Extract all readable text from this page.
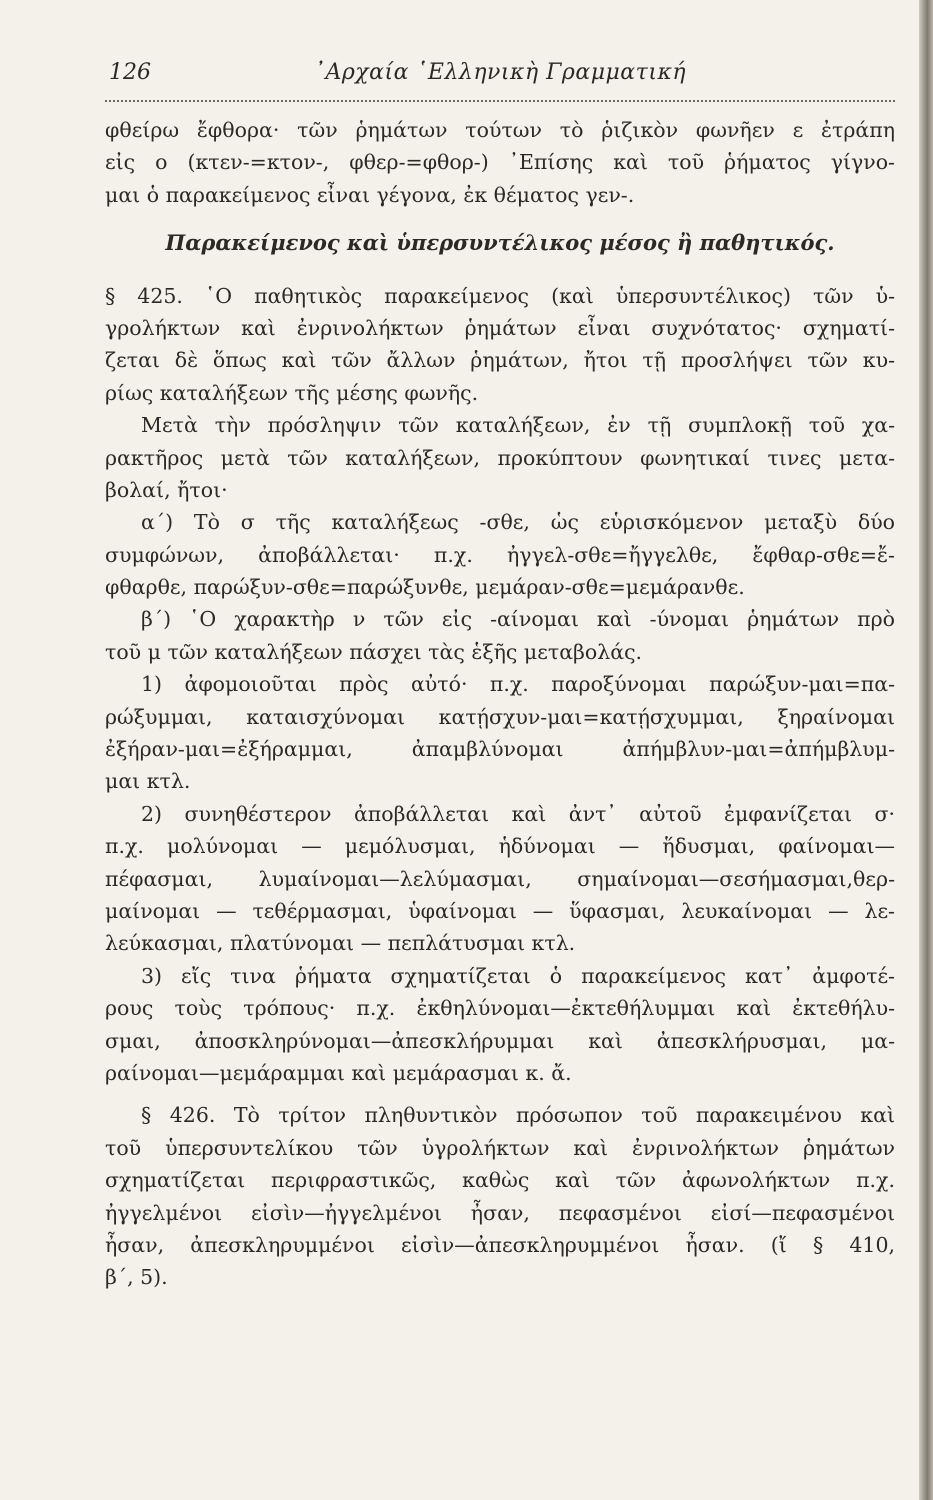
126	᾿Αρχαία ῾Ελληνικὴ Γραμματική
φθείρω ἔφθορα· τῶν ῥημάτων τούτων τὸ ῥιζικὸν φωνῆεν ε ἐτράπη
εἰς ο (κτεν-=κτον-, φθερ-=φθορ-) ᾿Επίσης καὶ τοῦ ῥήματος γίγνο-
μαι ὁ παρακείμενος εἶναι γέγονα, ἐκ θέματος γεν-.
Παρακείμενος καὶ ὑπερσυντέλικος μέσος ἢ παθητικός.
§ 425. ῾Ο παθητικὸς παρακείμενος (καὶ ὑπερσυντέλικος) τῶν ὑ-
γρολήκτων καὶ ἐνρινολήκτων ῥημάτων εἶναι συχνότατος· σχηματί-
ζεται δὲ ὅπως καὶ τῶν ἄλλων ῥημάτων, ἤτοι τῇ προσλήψει τῶν κυ-
ρίως καταλήξεων τῆς μέσης φωνῆς.
Μετὰ τὴν πρόσληψιν τῶν καταλήξεων, ἐν τῇ συμπλοκῇ τοῦ χα-
ρακτῆρος μετὰ τῶν καταλήξεων, προκύπτουν φωνητικαί τινες μετα-
βολαί, ἤτοι·
α΄) Τὸ σ τῆς καταλήξεως -σθε, ὡς εὑρισκόμενον μεταξὺ δύο
συμφώνων, ἀποβάλλεται· π.χ. ἠγγελ-σθε=ἤγγελθε, ἔφθαρ-σθε=ἔ-
φθαρθε, παρώξυν-σθε=παρώξυνθε, μεμάραν-σθε=μεμάρανθε.
β΄) ῾Ο χαρακτὴρ ν τῶν εἰς -αίνομαι καὶ -ύνομαι ῥημάτων πρὸ
τοῦ μ τῶν καταλήξεων πάσχει τὰς ἑξῆς μεταβολάς.
1) ἀφομοιοῦται πρὸς αὐτό· π.χ. παροξύνομαι παρώξυν-μαι=πα-
ρώξυμμαι, καταισχύνομαι κατῄσχυν-μαι=κατῄσχυμμαι, ξηραίνομαι
ἐξήραν-μαι=ἐξήραμμαι, ἀπαμβλύνομαι ἀπήμβλυν-μαι=ἀπήμβλυμ-
μαι κτλ.
2) συνηθέστερον ἀποβάλλεται καὶ ἀντ᾿ αὐτοῦ ἐμφανίζεται σ·
π.χ. μολύνομαι — μεμόλυσμαι, ἡδύνομαι — ἥδυσμαι, φαίνομαι—
πέφασμαι, λυμαίνομαι—λελύμασμαι, σημαίνομαι—σεσήμασμαι,θερ-
μαίνομαι — τεθέρμασμαι, ὑφαίνομαι — ὕφασμαι, λευκαίνομαι — λε-
λεύκασμαι, πλατύνομαι — πεπλάτυσμαι κτλ.
3) εἴς τινα ῥήματα σχηματίζεται ὁ παρακείμενος κατ᾿ ἀμφοτέ-
ρους τοὺς τρόπους· π.χ. ἐκθηλύνομαι—ἐκτεθήλυμμαι καὶ ἐκτεθήλυ-
σμαι, ἀποσκληρύνομαι—ἀπεσκλήρυμμαι καὶ ἀπεσκλήρυσμαι, μα-
ραίνομαι—μεμάραμμαι καὶ μεμάρασμαι κ. ἄ.
§ 426. Τὸ τρίτον πληθυντικὸν πρόσωπον τοῦ παρακειμένου καὶ
τοῦ ὑπερσυντελίκου τῶν ὑγρολήκτων καὶ ἐνρινολήκτων ῥημάτων
σχηματίζεται περιφραστικῶς, καθὼς καὶ τῶν ἀφωνολήκτων π.χ.
ἠγγελμένοι εἰσὶν—ἠγγελμένοι ἦσαν, πεφασμένοι εἰσί—πεφασμένοι
ἦσαν, ἀπεσκληρυμμένοι εἰσὶν—ἀπεσκληρυμμένοι ἦσαν. (ἴ § 410,
β΄, 5).
